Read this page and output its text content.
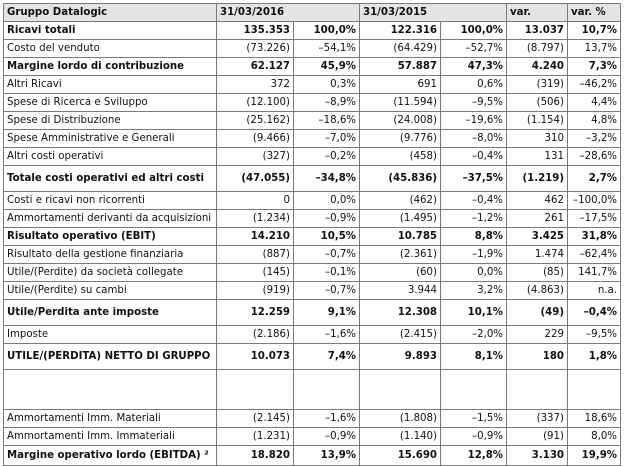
Gruppo Datalogic	31/03/2016		31/03/2015		var.	var. %
Ricavi totali	135.353	100,0%	122.316	100,0%	13.037	10,7%
Costo del venduto	(73.226)	–54,1%	(64.429)	–52,7%	(8.797)	13,7%
Margine lordo di contribuzione	62.127	45,9%	57.887	47,3%	4.240	7,3%
Altri Ricavi	372	0,3%	691	0,6%	(319)	–46,2%
Spese di Ricerca e Sviluppo	(12.100)	–8,9%	(11.594)	–9,5%	(506)	4,4%
Spese di Distribuzione	(25.162)	–18,6%	(24.008)	–19,6%	(1.154)	4,8%
Spese Amministrative e Generali	(9.466)	–7,0%	(9.776)	–8,0%	310	–3,2%
Altri costi operativi	(327)	–0,2%	(458)	–0,4%	131	–28,6%
Totale costi operativi ed altri costi	(47.055)	–34,8%	(45.836)	–37,5%	(1.219)	2,7%
Costi e ricavi non ricorrenti	0	0,0%	(462)	–0,4%	462	–100,0%
Ammortamenti derivanti da acquisizioni	(1.234)	–0,9%	(1.495)	–1,2%	261	–17,5%
Risultato operativo (EBIT)	14.210	10,5%	10.785	8,8%	3.425	31,8%
Risultato della gestione finanziaria	(887)	–0,7%	(2.361)	–1,9%	1.474	–62,4%
Utile/(Perdite) da società collegate	(145)	–0,1%	(60)	0,0%	(85)	141,7%
Utile/(Perdite) su cambi	(919)	–0,7%	3.944	3,2%	(4.863)	n.a.
Utile/Perdita ante imposte	12.259	9,1%	12.308	10,1%	(49)	–0,4%
Imposte	(2.186)	–1,6%	(2.415)	–2,0%	229	–9,5%
UTILE/(PERDITA) NETTO DI GRUPPO	10.073	7,4%	9.893	8,1%	180	1,8%

Ammortamenti Imm. Materiali	(2.145)	–1,6%	(1.808)	–1,5%	(337)	18,6%
Ammortamenti Imm. Immateriali	(1.231)	–0,9%	(1.140)	–0,9%	(91)	8,0%
Margine operativo lordo (EBITDA) ²	18.820	13,9%	15.690	12,8%	3.130	19,9%
